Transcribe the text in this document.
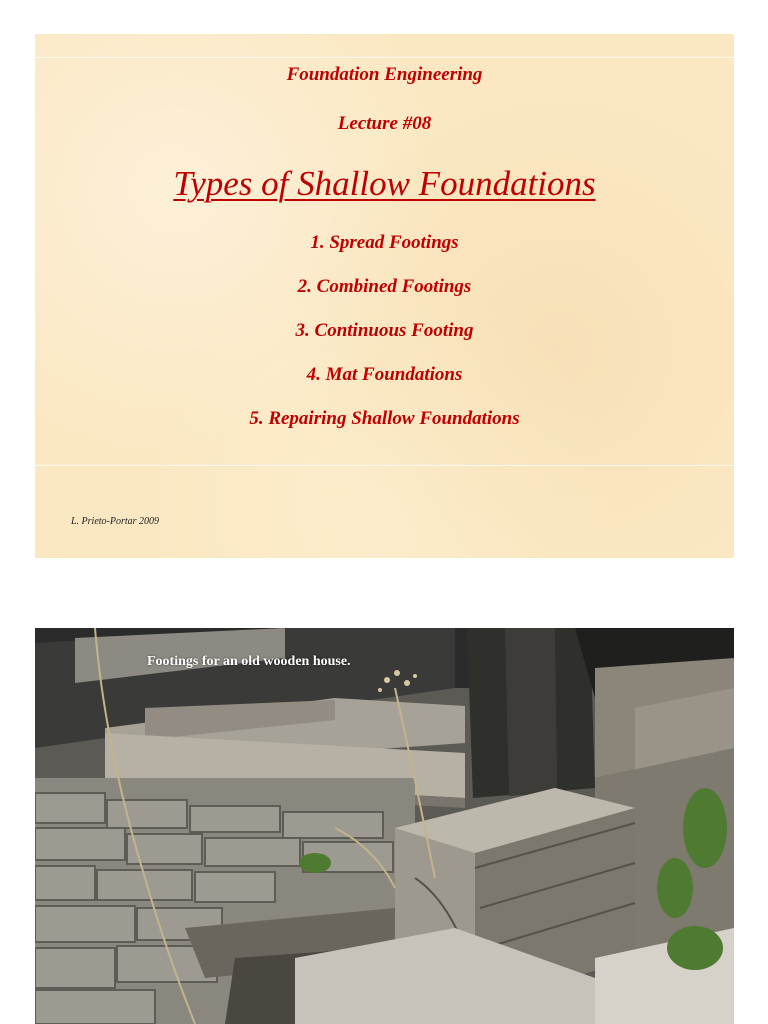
Foundation Engineering
Lecture #08
Types of Shallow Foundations
1. Spread Footings
2. Combined Footings
3. Continuous Footing
4. Mat Foundations
5. Repairing Shallow Foundations
L. Prieto-Portar 2009
Footings for an old wooden house.
